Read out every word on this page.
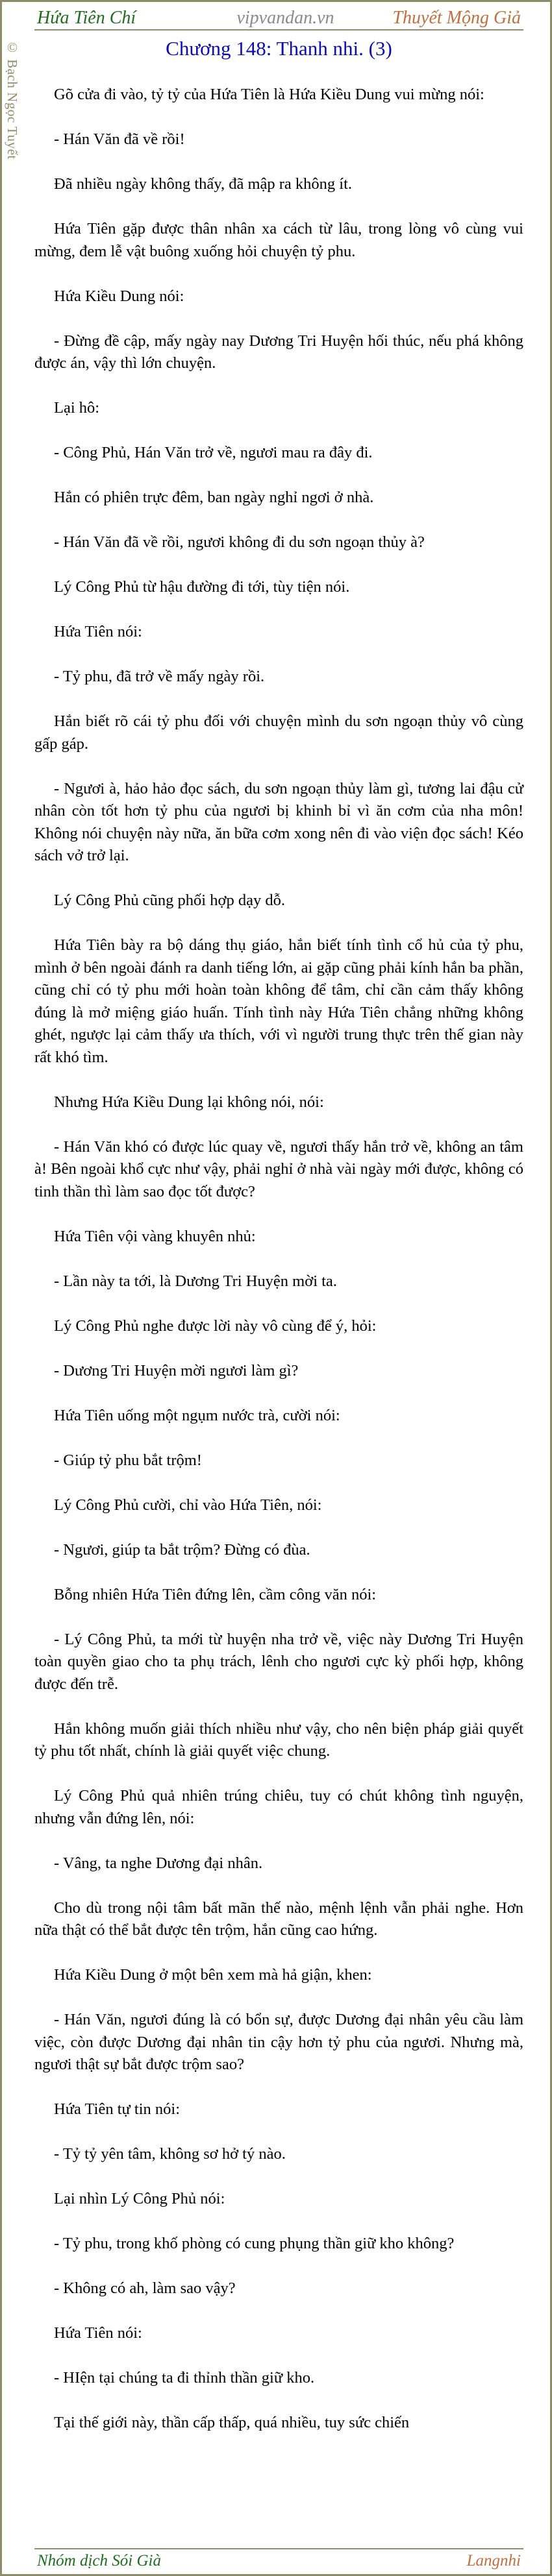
© Bạch Ngọc Tuyết
Hứa Tiên Chí	vipvandan.vn	Thuyết Mộng Giả
Chương 148: Thanh nhi. (3)

Gõ cửa đi vào, tỷ tỷ của Hứa Tiên là Hứa Kiều Dung vui mừng nói:

- Hán Văn đã về rồi!

Đã nhiều ngày không thấy, đã mập ra không ít.

Hứa Tiên gặp được thân nhân xa cách từ lâu, trong lòng vô cùng vui mừng, đem lễ vật buông xuống hỏi chuyện tỷ phu.

Hứa Kiều Dung nói:

- Đừng đề cập, mấy ngày nay Dương Tri Huyện hối thúc, nếu phá không được án, vậy thì lớn chuyện.

Lại hô:

- Công Phủ, Hán Văn trở về, ngươi mau ra đây đi.

Hắn có phiên trực đêm, ban ngày nghỉ ngơi ở nhà.

- Hán Văn đã về rồi, ngươi không đi du sơn ngoạn thủy à?

Lý Công Phủ từ hậu đường đi tới, tùy tiện nói.

Hứa Tiên nói:

- Tỷ phu, đã trở về mấy ngày rồi.

Hắn biết rõ cái tỷ phu đối với chuyện mình du sơn ngoạn thủy vô cùng gấp gáp.

- Ngươi à, hảo hảo đọc sách, du sơn ngoạn thủy làm gì, tương lai đậu cử nhân còn tốt hơn tỷ phu của ngươi bị khinh bỉ vì ăn cơm của nha môn! Không nói chuyện này nữa, ăn bữa cơm xong nên đi vào viện đọc sách! Kéo sách vở trở lại.

Lý Công Phủ cũng phối hợp dạy dỗ.

Hứa Tiên bày ra bộ dáng thụ giáo, hắn biết tính tình cổ hủ của tỷ phu, mình ở bên ngoài đánh ra danh tiếng lớn, ai gặp cũng phải kính hắn ba phần, cũng chỉ có tỷ phu mới hoàn toàn không để tâm, chỉ cần cảm thấy không đúng là mở miệng giáo huấn. Tính tình này Hứa Tiên chẳng những không ghét, ngược lại cảm thấy ưa thích, với vì người trung thực trên thế gian này rất khó tìm.

Nhưng Hứa Kiều Dung lại không nói, nói:

- Hán Văn khó có được lúc quay về, ngươi thấy hắn trở về, không an tâm à! Bên ngoài khổ cực như vậy, phải nghỉ ở nhà vài ngày mới được, không có tinh thần thì làm sao đọc tốt được?

Hứa Tiên vội vàng khuyên nhủ:

- Lần này ta tới, là Dương Tri Huyện mời ta.

Lý Công Phủ nghe được lời này vô cùng để ý, hỏi:

- Dương Tri Huyện mời ngươi làm gì?

Hứa Tiên uống một ngụm nước trà, cười nói:

- Giúp tỷ phu bắt trộm!

Lý Công Phủ cười, chỉ vào Hứa Tiên, nói:

- Ngươi, giúp ta bắt trộm? Đừng có đùa.

Bỗng nhiên Hứa Tiên đứng lên, cầm công văn nói:

- Lý Công Phủ, ta mới từ huyện nha trở về, việc này Dương Tri Huyện toàn quyền giao cho ta phụ trách, lênh cho ngươi cực kỳ phối hợp, không được đến trễ.

Hắn không muốn giải thích nhiều như vậy, cho nên biện pháp giải quyết tỷ phu tốt nhất, chính là giải quyết việc chung.

Lý Công Phủ quả nhiên trúng chiêu, tuy có chút không tình nguyện, nhưng vẫn đứng lên, nói:

- Vâng, ta nghe Dương đại nhân.

Cho dù trong nội tâm bất mãn thế nào, mệnh lệnh vẫn phải nghe. Hơn nữa thật có thể bắt được tên trộm, hắn cũng cao hứng.

Hứa Kiều Dung ở một bên xem mà hả giận, khen:

- Hán Văn, ngươi đúng là có bổn sự, được Dương đại nhân yêu cầu làm việc, còn được Dương đại nhân tin cậy hơn tỷ phu của ngươi. Nhưng mà, ngươi thật sự bắt được trộm sao?

Hứa Tiên tự tin nói:

- Tỷ tỷ yên tâm, không sơ hở tý nào.

Lại nhìn Lý Công Phủ nói:

- Tỷ phu, trong khố phòng có cung phụng thần giữ kho không?

- Không có ah, làm sao vậy?

Hứa Tiên nói:

- HIện tại chúng ta đi thỉnh thần giữ kho.

Tại thế giới này, thần cấp thấp, quá nhiều, tuy sức chiến

Nhóm dịch Sói Già	Langnhi
